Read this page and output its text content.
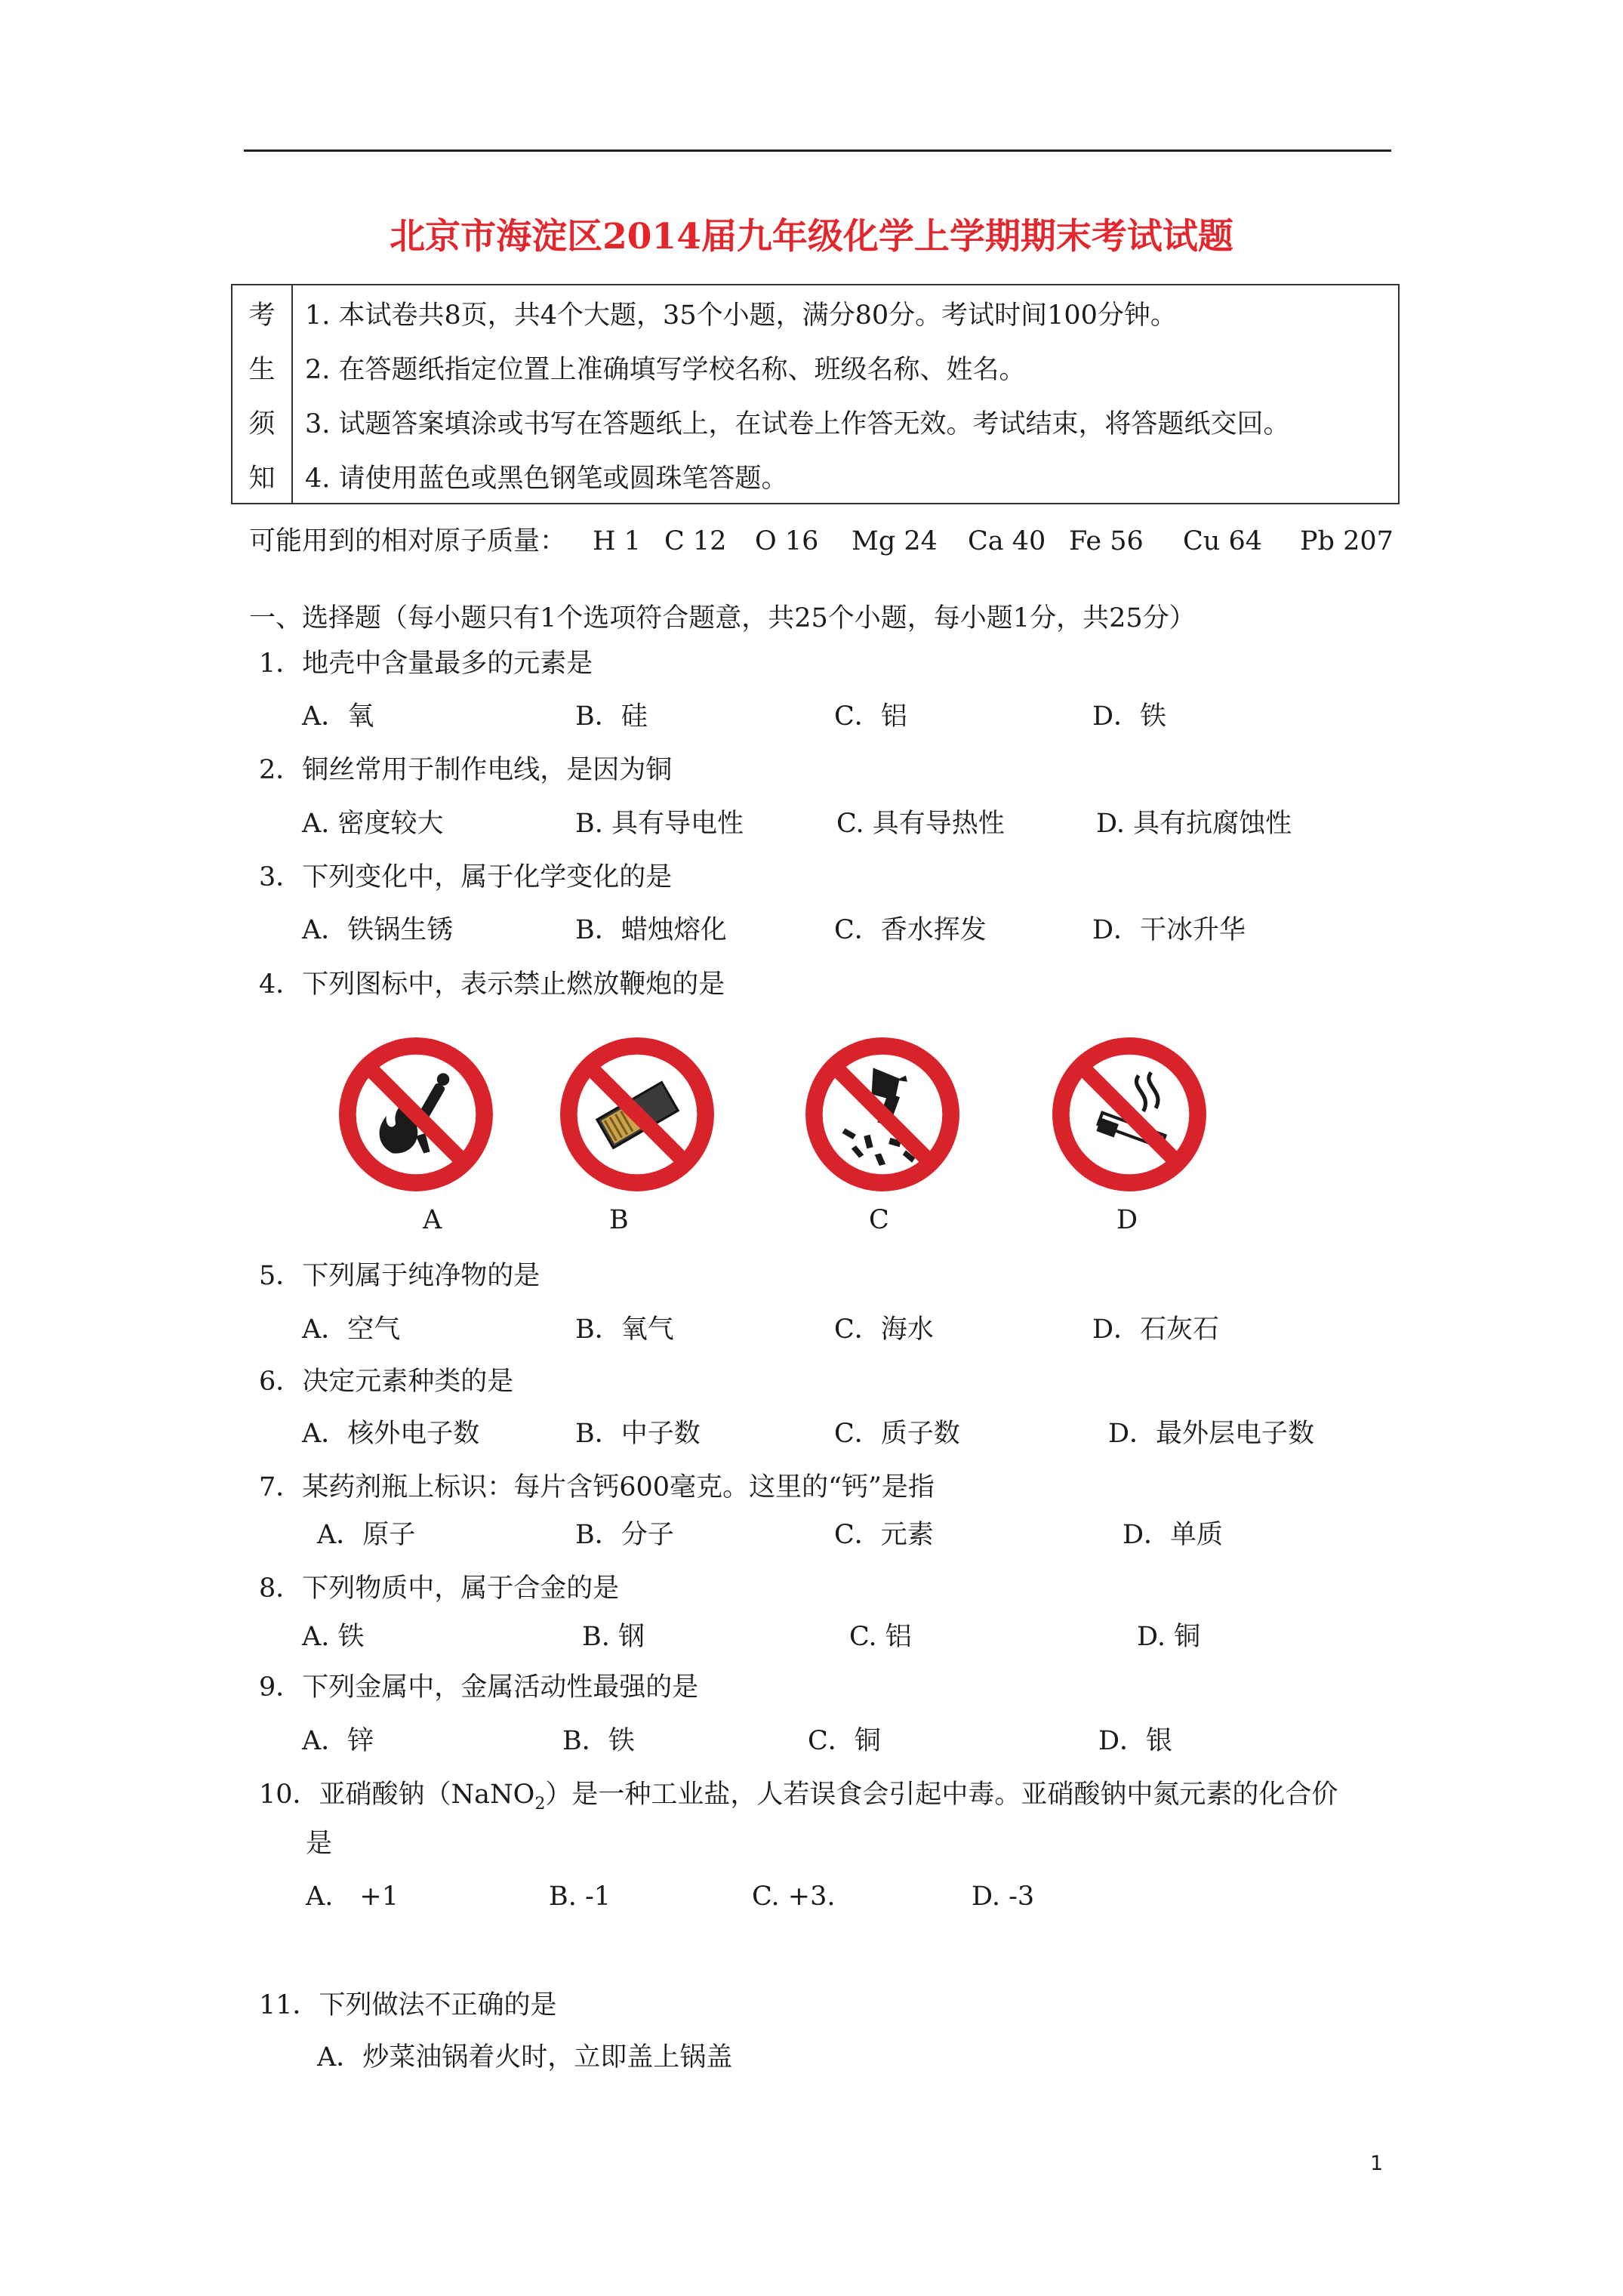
北京市海淀区2014届九年级化学上学期期末考试试题
考
生
须
知
1. 本试卷共8页，共4个大题，35个小题，满分80分。考试时间100分钟。
2. 在答题纸指定位置上准确填写学校名称、班级名称、姓名。
3. 试题答案填涂或书写在答题纸上，在试卷上作答无效。考试结束，将答题纸交回。
4. 请使用蓝色或黑色钢笔或圆珠笔答题。
可能用到的相对原子质量： H 1 C 12 O 16 Mg 24 Ca 40 Fe 56 Cu 64 Pb 207
一、选择题（每小题只有1个选项符合题意，共25个小题，每小题1分，共25分）
1．地壳中含量最多的元素是
A．氧	B．硅	C．铝	D．铁
2．铜丝常用于制作电线，是因为铜
A. 密度较大	B. 具有导电性	C. 具有导热性	D. 具有抗腐蚀性
3．下列变化中，属于化学变化的是
A．铁锅生锈	B．蜡烛熔化	C．香水挥发	D．干冰升华
4．下列图标中，表示禁止燃放鞭炮的是
A	B	C	D
5．下列属于纯净物的是
A．空气	B．氧气	C．海水	D．石灰石
6．决定元素种类的是
A．核外电子数	B．中子数	C．质子数	D．最外层电子数
7．某药剂瓶上标识：每片含钙600毫克。这里的“钙”是指
A．原子	B．分子	C．元素	D．单质
8．下列物质中，属于合金的是
A. 铁	B. 钢	C. 铝	D. 铜
9．下列金属中，金属活动性最强的是
A．锌	B．铁	C．铜	D．银
10．亚硝酸钠（NaNO$_2$）是一种工业盐，人若误食会引起中毒。亚硝酸钠中氮元素的化合价
是
A.　+1	B. -1	C. +3.	D. -3
11．下列做法不正确的是
A．炒菜油锅着火时，立即盖上锅盖
1
